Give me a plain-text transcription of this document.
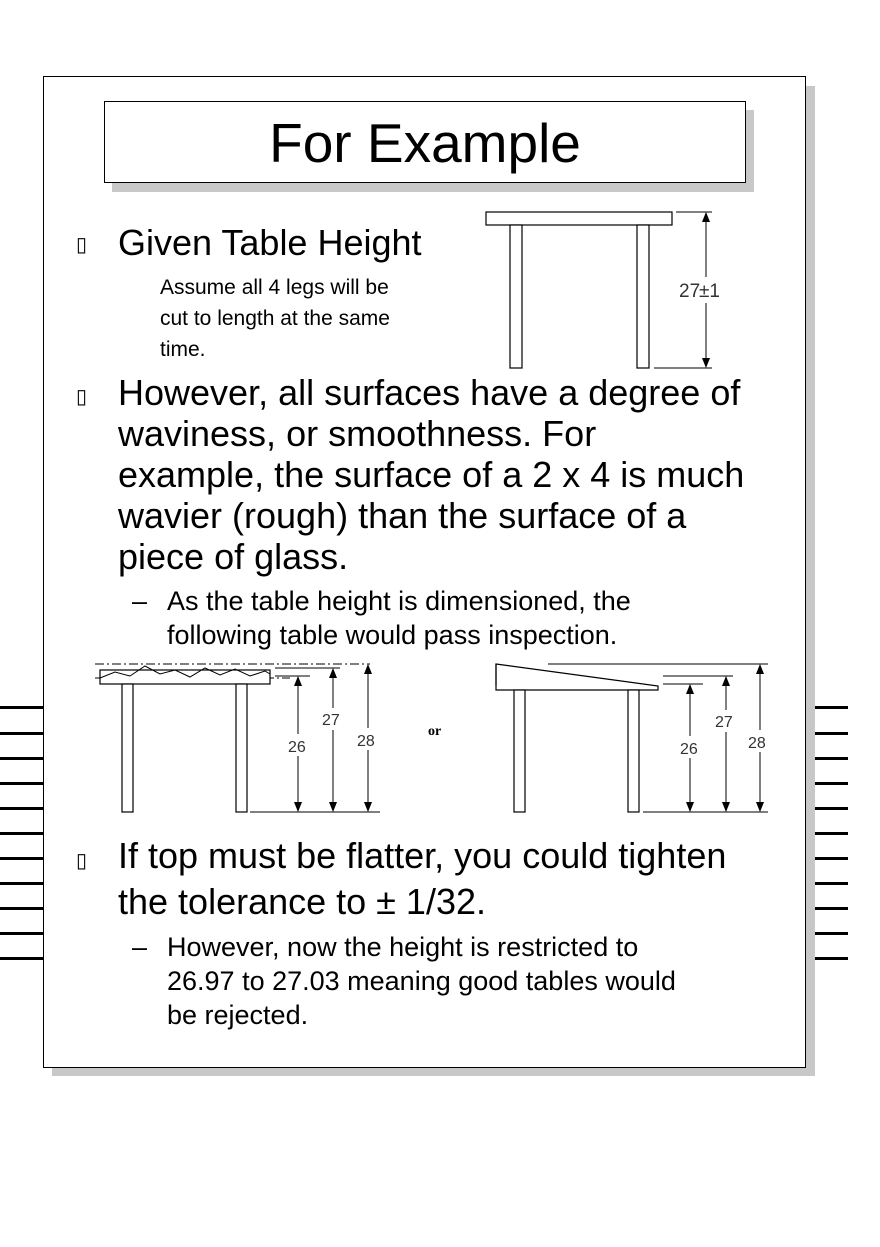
For Example
▯ Given Table Height
Assume all 4 legs will be
cut to length at the same
time.
27
±1
▯ However, all surfaces have a degree of
waviness, or smoothness. For
example, the surface of a 2 x 4 is much
wavier (rough) than the surface of a
piece of glass.
– As the table height is dimensioned, the
following table would pass inspection.
27
26	28
or
27
26	28
▯ If top must be flatter, you could tighten
the tolerance to ± 1/32.
– However, now the height is restricted to
26.97 to 27.03 meaning good tables would
be rejected.
